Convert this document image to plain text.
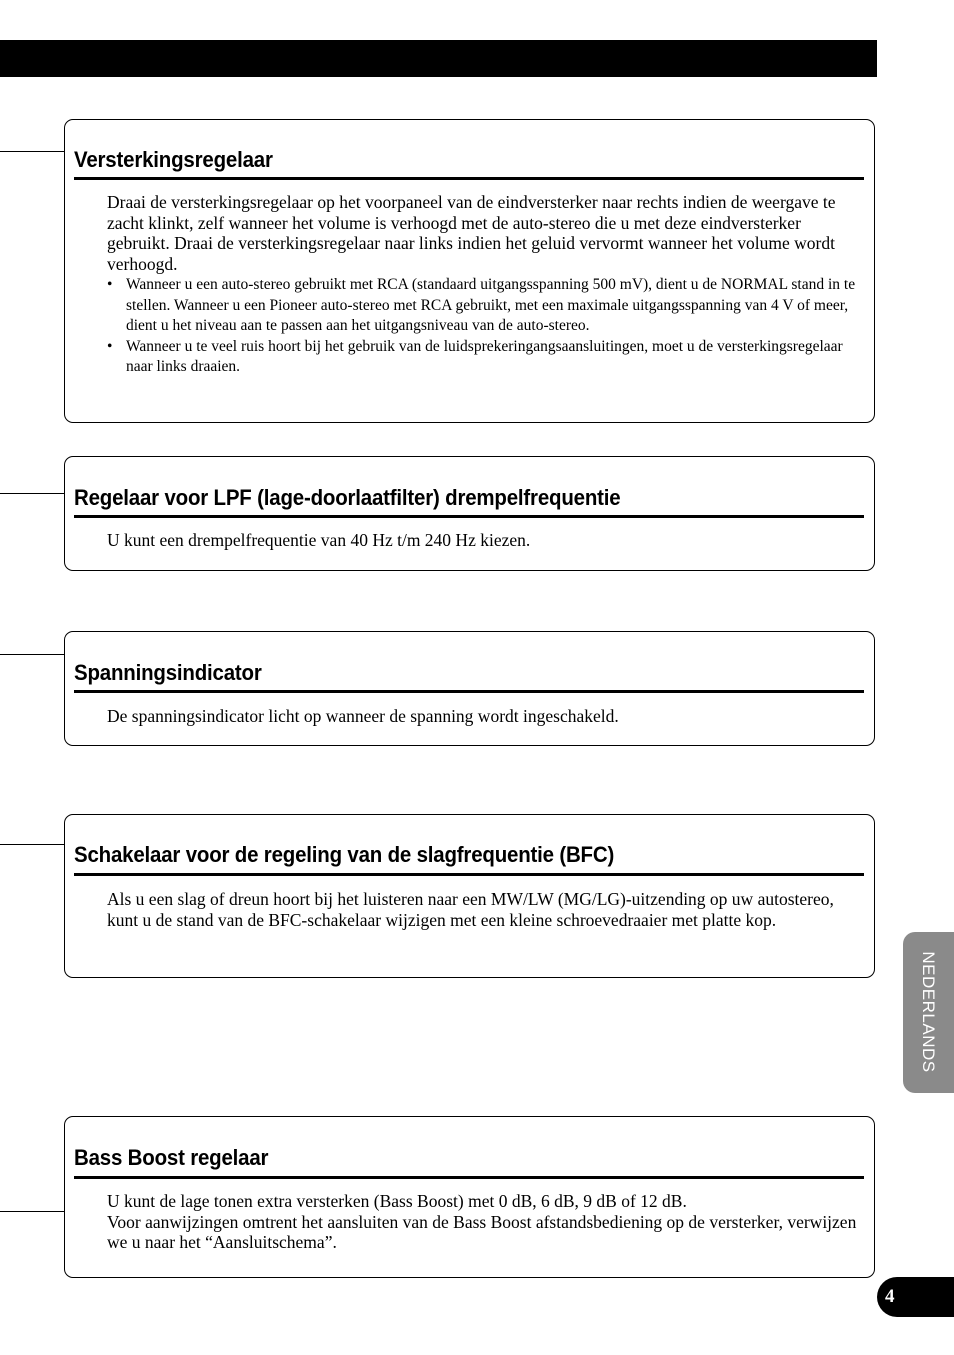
Versterkingsregelaar
Draai de versterkingsregelaar op het voorpaneel van de eindversterker naar rechts indien de weergave te zacht klinkt, zelf wanneer het volume is verhoogd met de auto-stereo die u met deze eindversterker gebruikt. Draai de versterkingsregelaar naar links indien het geluid vervormt wanneer het volume wordt verhoogd.
• Wanneer u een auto-stereo gebruikt met RCA (standaard uitgangsspanning 500 mV), dient u de NORMAL stand in te stellen. Wanneer u een Pioneer auto-stereo met RCA gebruikt, met een maximale uitgangsspanning van 4 V of meer, dient u het niveau aan te passen aan het uitgangsniveau van de auto-stereo.
• Wanneer u te veel ruis hoort bij het gebruik van de luidsprekeringangsaansluitingen, moet u de versterkingsregelaar naar links draaien.
Regelaar voor LPF (lage-doorlaatfilter) drempelfrequentie
U kunt een drempelfrequentie van 40 Hz t/m 240 Hz kiezen.
Spanningsindicator
De spanningsindicator licht op wanneer de spanning wordt ingeschakeld.
Schakelaar voor de regeling van de slagfrequentie (BFC)
Als u een slag of dreun hoort bij het luisteren naar een MW/LW (MG/LG)-uitzending op uw autostereo, kunt u de stand van de BFC-schakelaar wijzigen met een kleine schroevedraaier met platte kop.
Bass Boost regelaar
U kunt de lage tonen extra versterken (Bass Boost) met 0 dB, 6 dB, 9 dB of 12 dB.
Voor aanwijzingen omtrent het aansluiten van de Bass Boost afstandsbediening op de versterker, verwijzen we u naar het “Aansluitschema”.
NEDERLANDS
4
